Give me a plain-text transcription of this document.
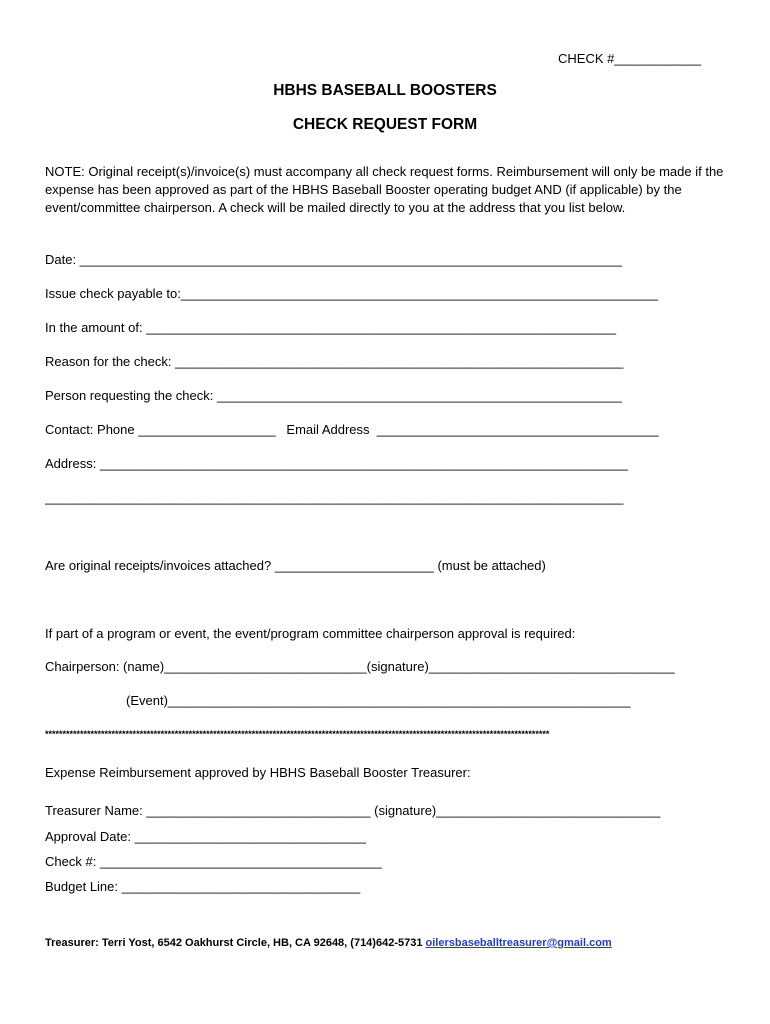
CHECK #____________
HBHS BASEBALL BOOSTERS
CHECK REQUEST FORM
NOTE: Original receipt(s)/invoice(s) must accompany all check request forms. Reimbursement will only be made if the expense has been approved as part of the HBHS Baseball Booster operating budget AND (if applicable) by the event/committee chairperson. A check will be mailed directly to you at the address that you list below.
Date: ___________________________________________________________________________
Issue check payable to:__________________________________________________________________
In the amount of: _________________________________________________________________
Reason for the check: ______________________________________________________________
Person requesting the check: ________________________________________________________
Contact: Phone ___________________   Email Address  _______________________________________
Address: _________________________________________________________________________
________________________________________________________________________________
Are original receipts/invoices attached? ______________________ (must be attached)
If part of a program or event, the event/program committee chairperson approval is required:
Chairperson: (name)____________________________(signature)__________________________________
(Event)________________________________________________________________
************************************************************************************************************************************************
Expense Reimbursement approved by HBHS Baseball Booster Treasurer:
Treasurer Name: _______________________________ (signature)_______________________________
Approval Date: ________________________________
Check #: _______________________________________
Budget Line: _________________________________
Treasurer: Terri Yost, 6542 Oakhurst Circle, HB, CA 92648, (714)642-5731 oilersbaseballtreasurer@gmail.com
